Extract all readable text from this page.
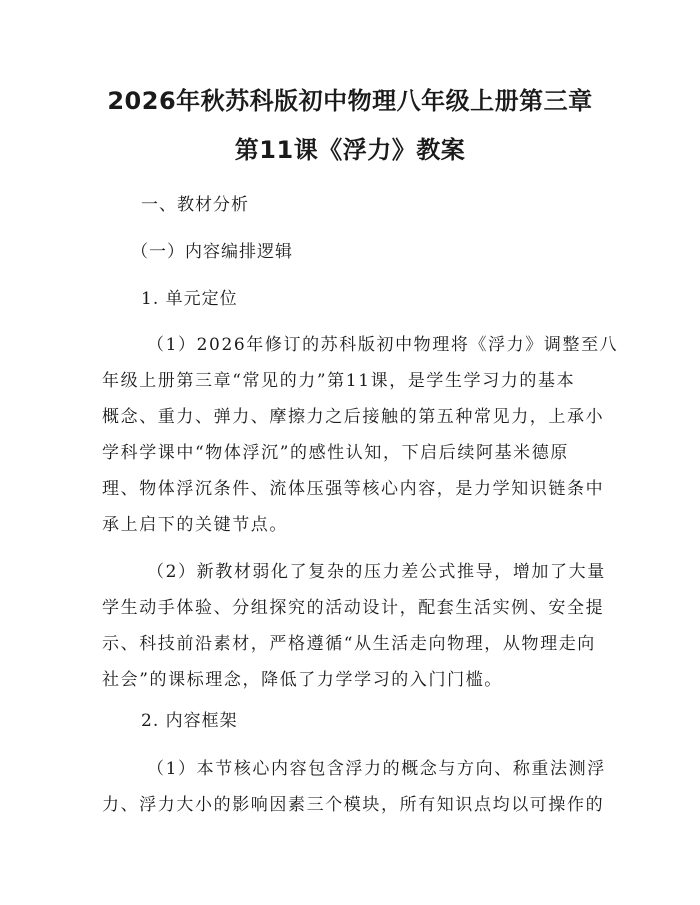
2026年秋苏科版初中物理八年级上册第三章
第11课《浮力》教案
一、教材分析
（一）内容编排逻辑
1. 单元定位
（1）2026年修订的苏科版初中物理将《浮力》调整至八
年级上册第三章“常见的力”第11课，是学生学习力的基本
概念、重力、弹力、摩擦力之后接触的第五种常见力，上承小
学科学课中“物体浮沉”的感性认知，下启后续阿基米德原
理、物体浮沉条件、流体压强等核心内容，是力学知识链条中
承上启下的关键节点。
（2）新教材弱化了复杂的压力差公式推导，增加了大量
学生动手体验、分组探究的活动设计，配套生活实例、安全提
示、科技前沿素材，严格遵循“从生活走向物理，从物理走向
社会”的课标理念，降低了力学学习的入门门槛。
2. 内容框架
（1）本节核心内容包含浮力的概念与方向、称重法测浮
力、浮力大小的影响因素三个模块，所有知识点均以可操作的
